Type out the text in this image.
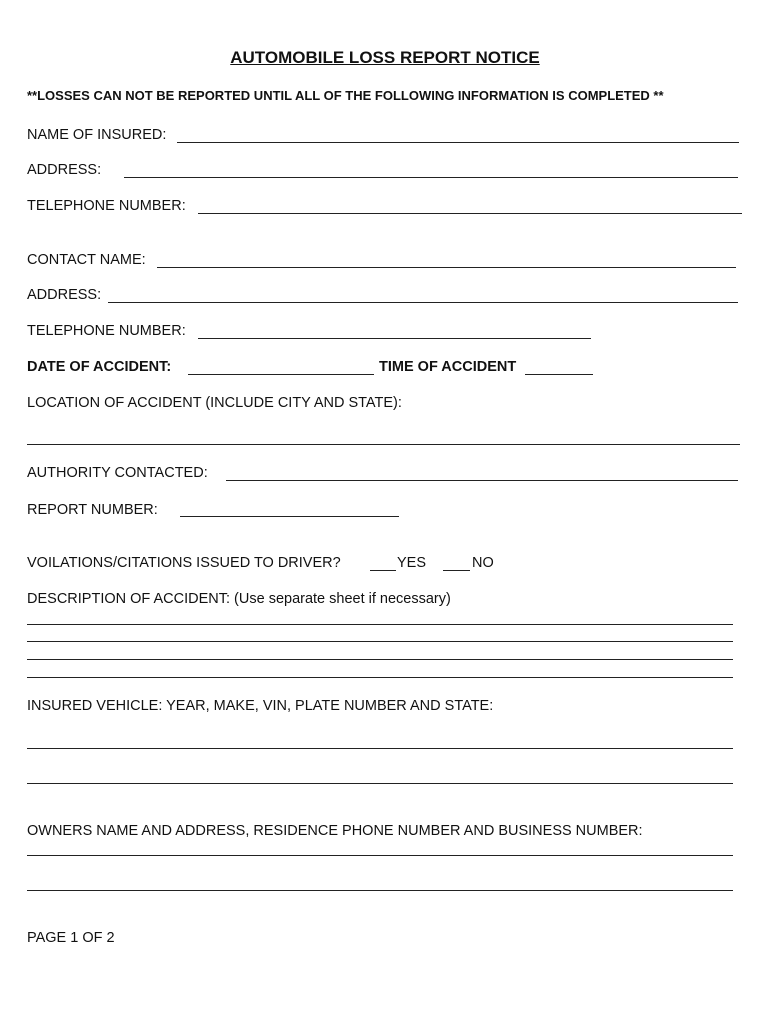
AUTOMOBILE LOSS REPORT NOTICE
**LOSSES CAN NOT BE REPORTED UNTIL ALL OF THE FOLLOWING INFORMATION IS COMPLETED **
NAME OF INSURED:
ADDRESS:
TELEPHONE NUMBER:
CONTACT NAME:
ADDRESS:
TELEPHONE NUMBER:
DATE OF ACCIDENT:	TIME OF ACCIDENT
LOCATION OF ACCIDENT (INCLUDE CITY AND STATE):
AUTHORITY CONTACTED:
REPORT NUMBER:
VOILATIONS/CITATIONS ISSUED TO DRIVER?	YES	NO
DESCRIPTION OF ACCIDENT: (Use separate sheet if necessary)
INSURED VEHICLE: YEAR, MAKE, VIN, PLATE NUMBER AND STATE:
OWNERS NAME AND ADDRESS, RESIDENCE PHONE NUMBER AND BUSINESS NUMBER:
PAGE 1 OF 2
